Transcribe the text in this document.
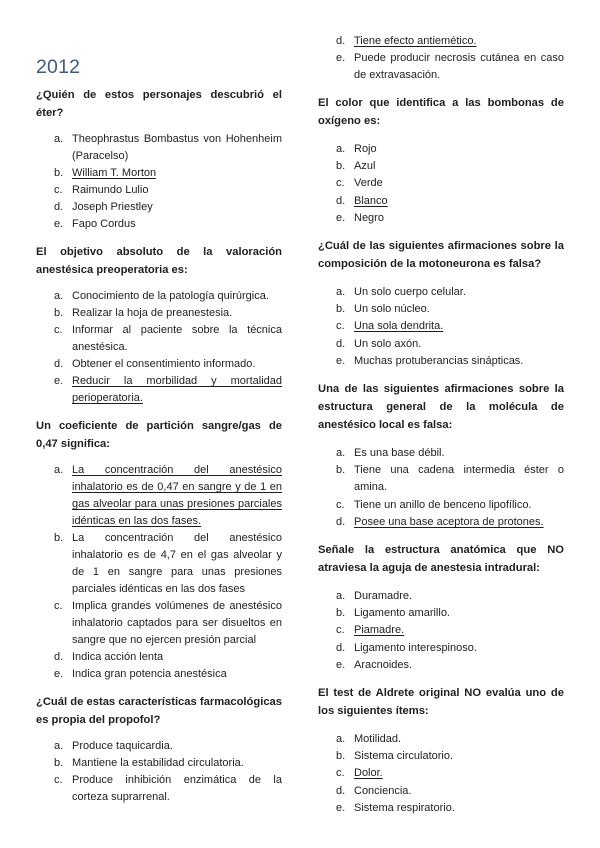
2012

¿Quién de estos personajes descubrió el éter?

a. Theophrastus Bombastus von Hohenheim (Paracelso)
b. William T. Morton
c. Raimundo Lulio
d. Joseph Priestley
e. Fapo Cordus

El objetivo absoluto de la valoración anestésica preoperatoria es:

a. Conocimiento de la patología quirúrgica.
b. Realizar la hoja de preanestesia.
c. Informar al paciente sobre la técnica anestésica.
d. Obtener el consentimiento informado.
e. Reducir la morbilidad y mortalidad perioperatoria.

Un coeficiente de partición sangre/gas de 0,47 significa:

a. La concentración del anestésico inhalatorio es de 0,47 en sangre y de 1 en gas alveolar para unas presiones parciales idénticas en las dos fases.
b. La concentración del anestésico inhalatorio es de 4,7 en el gas alveolar y de 1 en sangre para unas presiones parciales idénticas en las dos fases
c. Implica grandes volúmenes de anestésico inhalatorio captados para ser disueltos en sangre que no ejercen presión parcial
d. Indica acción lenta
e. Indica gran potencia anestésica

¿Cuál de estas características farmacológicas es propia del propofol?

a. Produce taquicardia.
b. Mantiene la estabilidad circulatoria.
c. Produce inhibición enzimática de la corteza suprarrenal.
d. Tiene efecto antiemético.
e. Puede producir necrosis cutánea en caso de extravasación.

El color que identifica a las bombonas de oxígeno es:

a. Rojo
b. Azul
c. Verde
d. Blanco
e. Negro

¿Cuál de las siguientes afirmaciones sobre la composición de la motoneurona es falsa?

a. Un solo cuerpo celular.
b. Un solo núcleo.
c. Una sola dendrita.
d. Un solo axón.
e. Muchas protuberancias sinápticas.

Una de las siguientes afirmaciones sobre la estructura general de la molécula de anestésico local es falsa:

a. Es una base débil.
b. Tiene una cadena intermedia éster o amina.
c. Tiene un anillo de benceno lipofílico.
d. Posee una base aceptora de protones.

Señale la estructura anatómica que NO atraviesa la aguja de anestesia intradural:

a. Duramadre.
b. Ligamento amarillo.
c. Piamadre.
d. Ligamento interespinoso.
e. Aracnoides.

El test de Aldrete original NO evalúa uno de los siguientes ítems:

a. Motilidad.
b. Sistema circulatorio.
c. Dolor.
d. Conciencia.
e. Sistema respiratorio.
